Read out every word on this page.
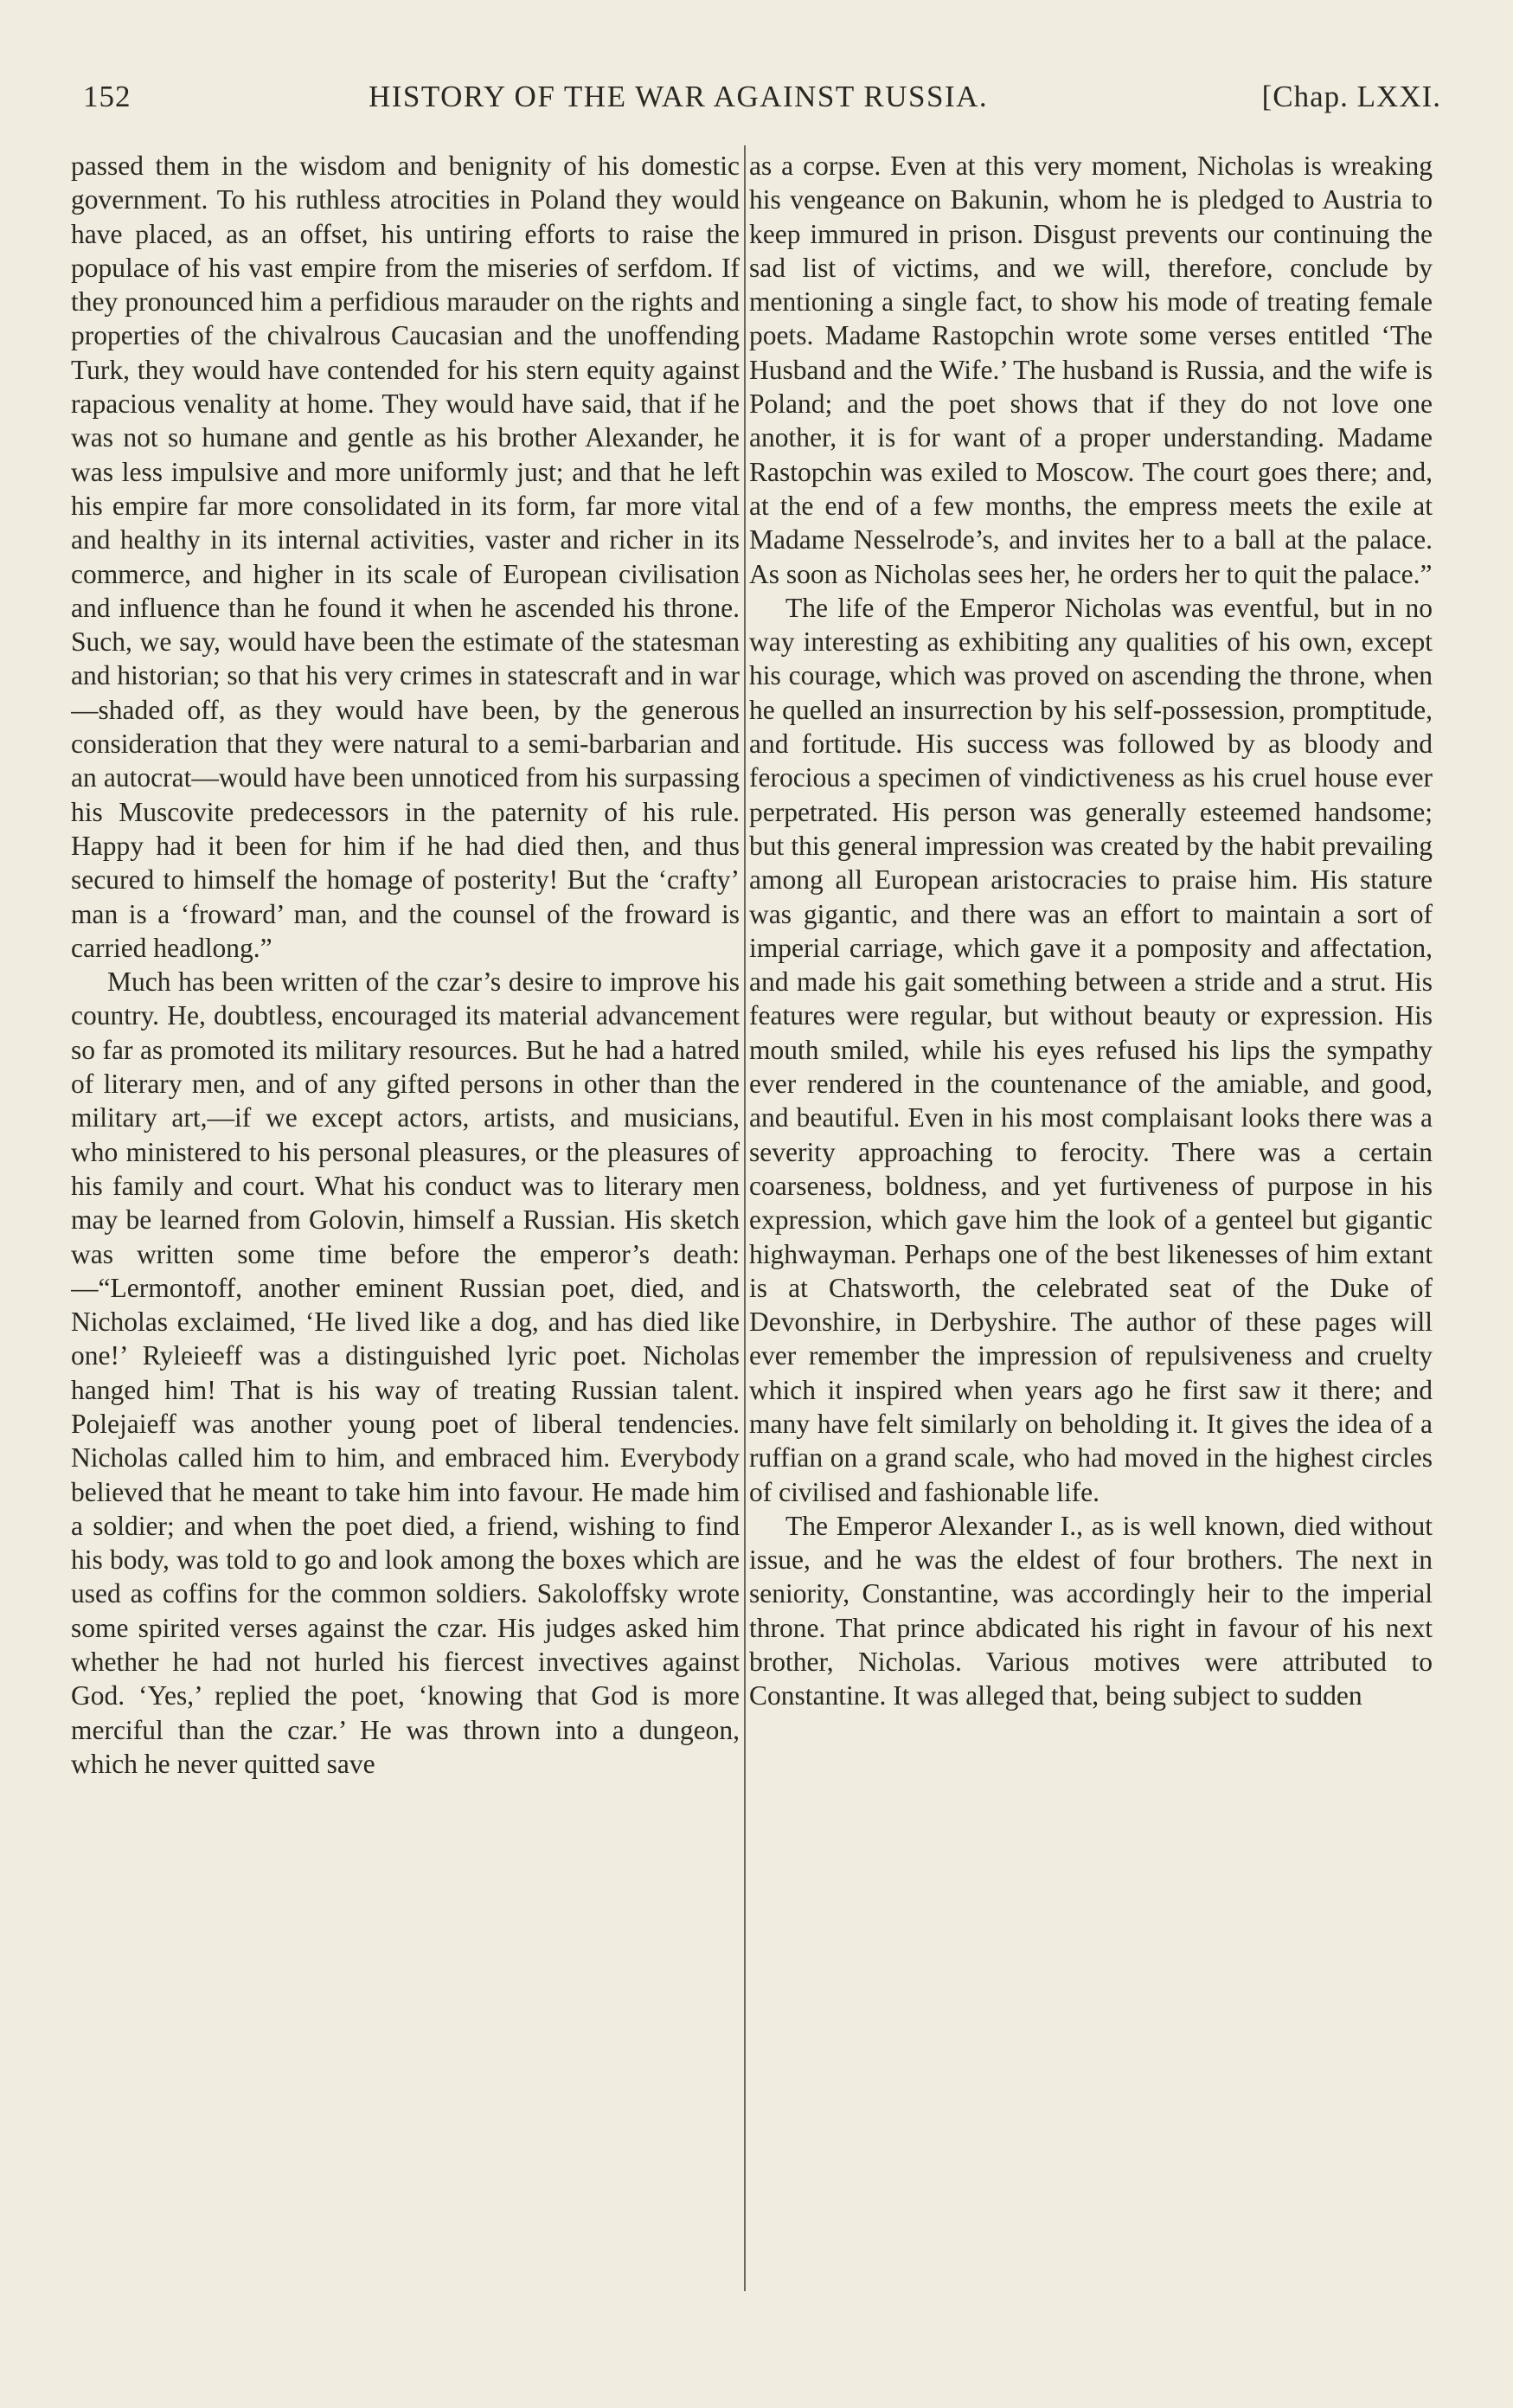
152	HISTORY OF THE WAR AGAINST RUSSIA.	[Chap. LXXI.

passed them in the wisdom and benignity of his domestic government. To his ruthless atrocities in Poland they would have placed, as an offset, his untiring efforts to raise the populace of his vast empire from the miseries of serfdom. If they pronounced him a perfidious marauder on the rights and properties of the chivalrous Caucasian and the unoffending Turk, they would have contended for his stern equity against rapacious venality at home. They would have said, that if he was not so humane and gentle as his brother Alexander, he was less impulsive and more uniformly just; and that he left his empire far more consolidated in its form, far more vital and healthy in its internal activities, vaster and richer in its commerce, and higher in its scale of European civilisation and influence than he found it when he ascended his throne. Such, we say, would have been the estimate of the statesman and historian; so that his very crimes in statescraft and in war—shaded off, as they would have been, by the generous consideration that they were natural to a semi-barbarian and an autocrat—would have been unnoticed from his surpassing his Muscovite predecessors in the paternity of his rule. Happy had it been for him if he had died then, and thus secured to himself the homage of posterity! But the ‘crafty’ man is a ‘froward’ man, and the counsel of the froward is carried headlong.”

Much has been written of the czar’s desire to improve his country. He, doubtless, encouraged its material advancement so far as promoted its military resources. But he had a hatred of literary men, and of any gifted persons in other than the military art,—if we except actors, artists, and musicians, who ministered to his personal pleasures, or the pleasures of his family and court. What his conduct was to literary men may be learned from Golovin, himself a Russian. His sketch was written some time before the emperor’s death:—“Lermontoff, another eminent Russian poet, died, and Nicholas exclaimed, ‘He lived like a dog, and has died like one!’ Ryleieeff was a distinguished lyric poet. Nicholas hanged him! That is his way of treating Russian talent. Polejaieff was another young poet of liberal tendencies. Nicholas called him to him, and embraced him. Everybody believed that he meant to take him into favour. He made him a soldier; and when the poet died, a friend, wishing to find his body, was told to go and look among the boxes which are used as coffins for the common soldiers. Sakoloffsky wrote some spirited verses against the czar. His judges asked him whether he had not hurled his fiercest invectives against God. ‘Yes,’ replied the poet, ‘knowing that God is more merciful than the czar.’ He was thrown into a dungeon, which he never quitted save

as a corpse. Even at this very moment, Nicholas is wreaking his vengeance on Bakunin, whom he is pledged to Austria to keep immured in prison. Disgust prevents our continuing the sad list of victims, and we will, therefore, conclude by mentioning a single fact, to show his mode of treating female poets. Madame Rastopchin wrote some verses entitled ‘The Husband and the Wife.’ The husband is Russia, and the wife is Poland; and the poet shows that if they do not love one another, it is for want of a proper understanding. Madame Rastopchin was exiled to Moscow. The court goes there; and, at the end of a few months, the empress meets the exile at Madame Nesselrode’s, and invites her to a ball at the palace. As soon as Nicholas sees her, he orders her to quit the palace.”

The life of the Emperor Nicholas was eventful, but in no way interesting as exhibiting any qualities of his own, except his courage, which was proved on ascending the throne, when he quelled an insurrection by his self-possession, promptitude, and fortitude. His success was followed by as bloody and ferocious a specimen of vindictiveness as his cruel house ever perpetrated. His person was generally esteemed handsome; but this general impression was created by the habit prevailing among all European aristocracies to praise him. His stature was gigantic, and there was an effort to maintain a sort of imperial carriage, which gave it a pomposity and affectation, and made his gait something between a stride and a strut. His features were regular, but without beauty or expression. His mouth smiled, while his eyes refused his lips the sympathy ever rendered in the countenance of the amiable, and good, and beautiful. Even in his most complaisant looks there was a severity approaching to ferocity. There was a certain coarseness, boldness, and yet furtiveness of purpose in his expression, which gave him the look of a genteel but gigantic highwayman. Perhaps one of the best likenesses of him extant is at Chatsworth, the celebrated seat of the Duke of Devonshire, in Derbyshire. The author of these pages will ever remember the impression of repulsiveness and cruelty which it inspired when years ago he first saw it there; and many have felt similarly on beholding it. It gives the idea of a ruffian on a grand scale, who had moved in the highest circles of civilised and fashionable life.

The Emperor Alexander I., as is well known, died without issue, and he was the eldest of four brothers. The next in seniority, Constantine, was accordingly heir to the imperial throne. That prince abdicated his right in favour of his next brother, Nicholas. Various motives were attributed to Constantine. It was alleged that, being subject to sudden
